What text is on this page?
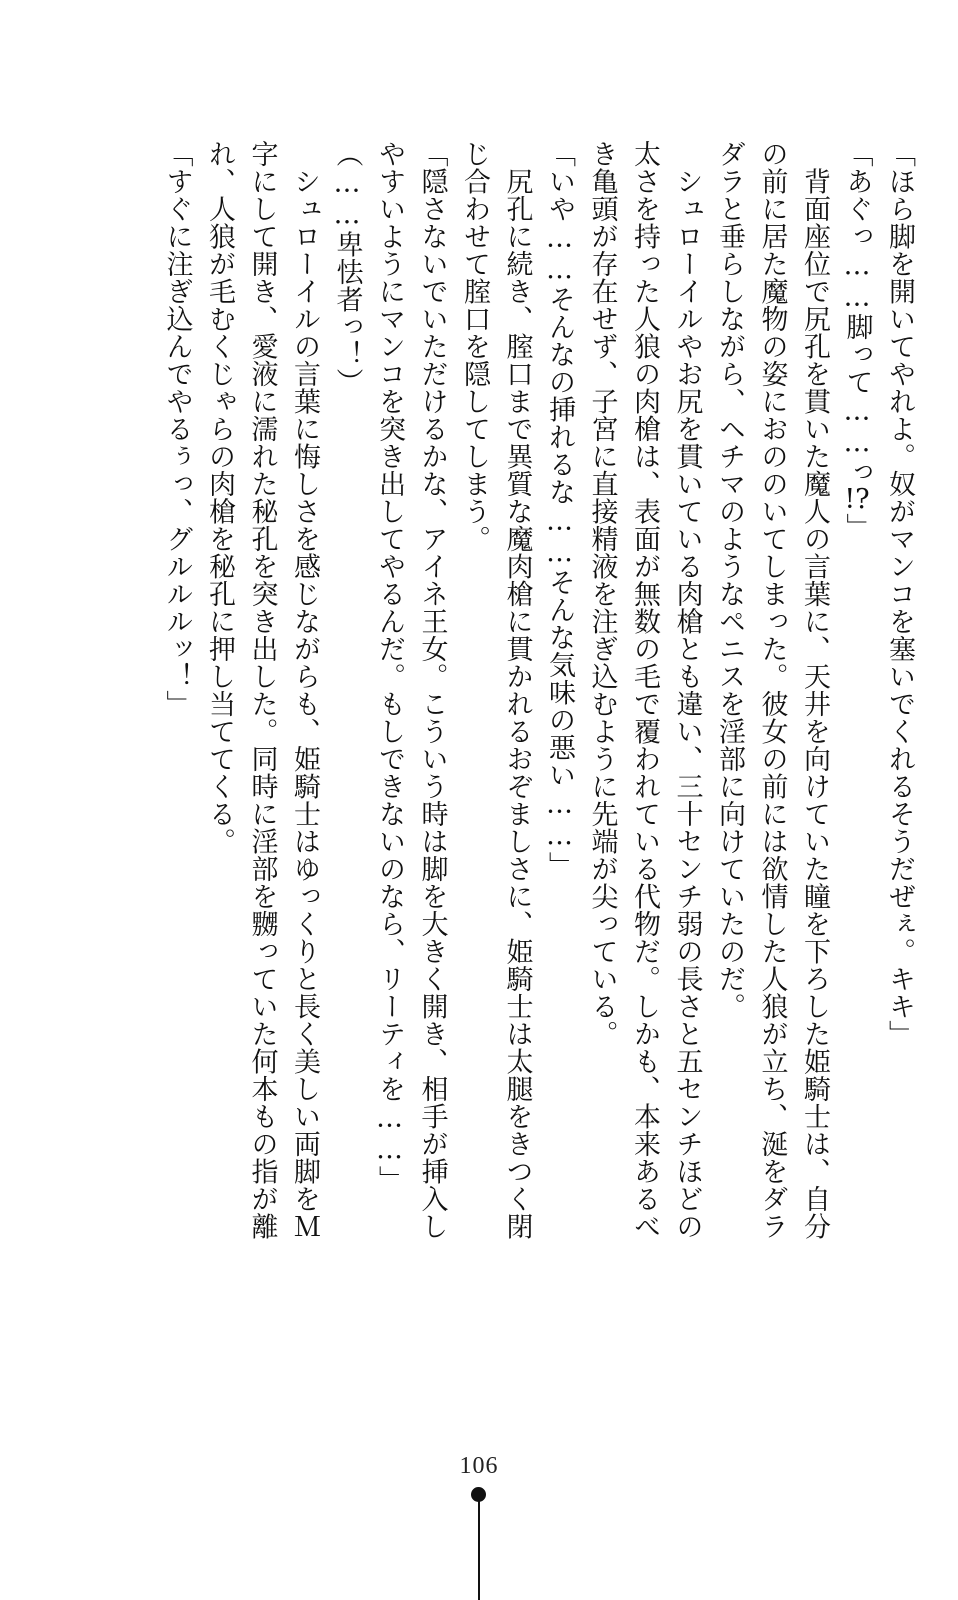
「ほら脚を開いてやれよ。奴がマンコを塞いでくれるそうだぜぇ。キキ」
「あぐっ……脚って……っ!?」
　背面座位で尻孔を貫いた魔人の言葉に、天井を向けていた瞳を下ろした姫騎士は、自分
の前に居た魔物の姿におののいてしまった。彼女の前には欲情した人狼が立ち、涎をダラ
ダラと垂らしながら、ヘチマのようなペニスを淫部に向けていたのだ。
　シュローイルやお尻を貫いている肉槍とも違い、三十センチ弱の長さと五センチほどの
太さを持った人狼の肉槍は、表面が無数の毛で覆われている代物だ。しかも、本来あるべ
き亀頭が存在せず、子宮に直接精液を注ぎ込むように先端が尖っている。
「いや……そんなの挿れるな……そんな気味の悪い……」
　尻孔に続き、腟口まで異質な魔肉槍に貫かれるおぞましさに、姫騎士は太腿をきつく閉
じ合わせて腟口を隠してしまう。
「隠さないでいただけるかな、アイネ王女。こういう時は脚を大きく開き、相手が挿入し
やすいようにマンコを突き出してやるんだ。もしできないのなら、リーティを……」
（……卑怯者っ！）
　シュローイルの言葉に悔しさを感じながらも、姫騎士はゆっくりと長く美しい両脚をＭ
字にして開き、愛液に濡れた秘孔を突き出した。同時に淫部を嬲っていた何本もの指が離
れ、人狼が毛むくじゃらの肉槍を秘孔に押し当ててくる。
「すぐに注ぎ込んでやるぅっ、グルルルッ！」
106
